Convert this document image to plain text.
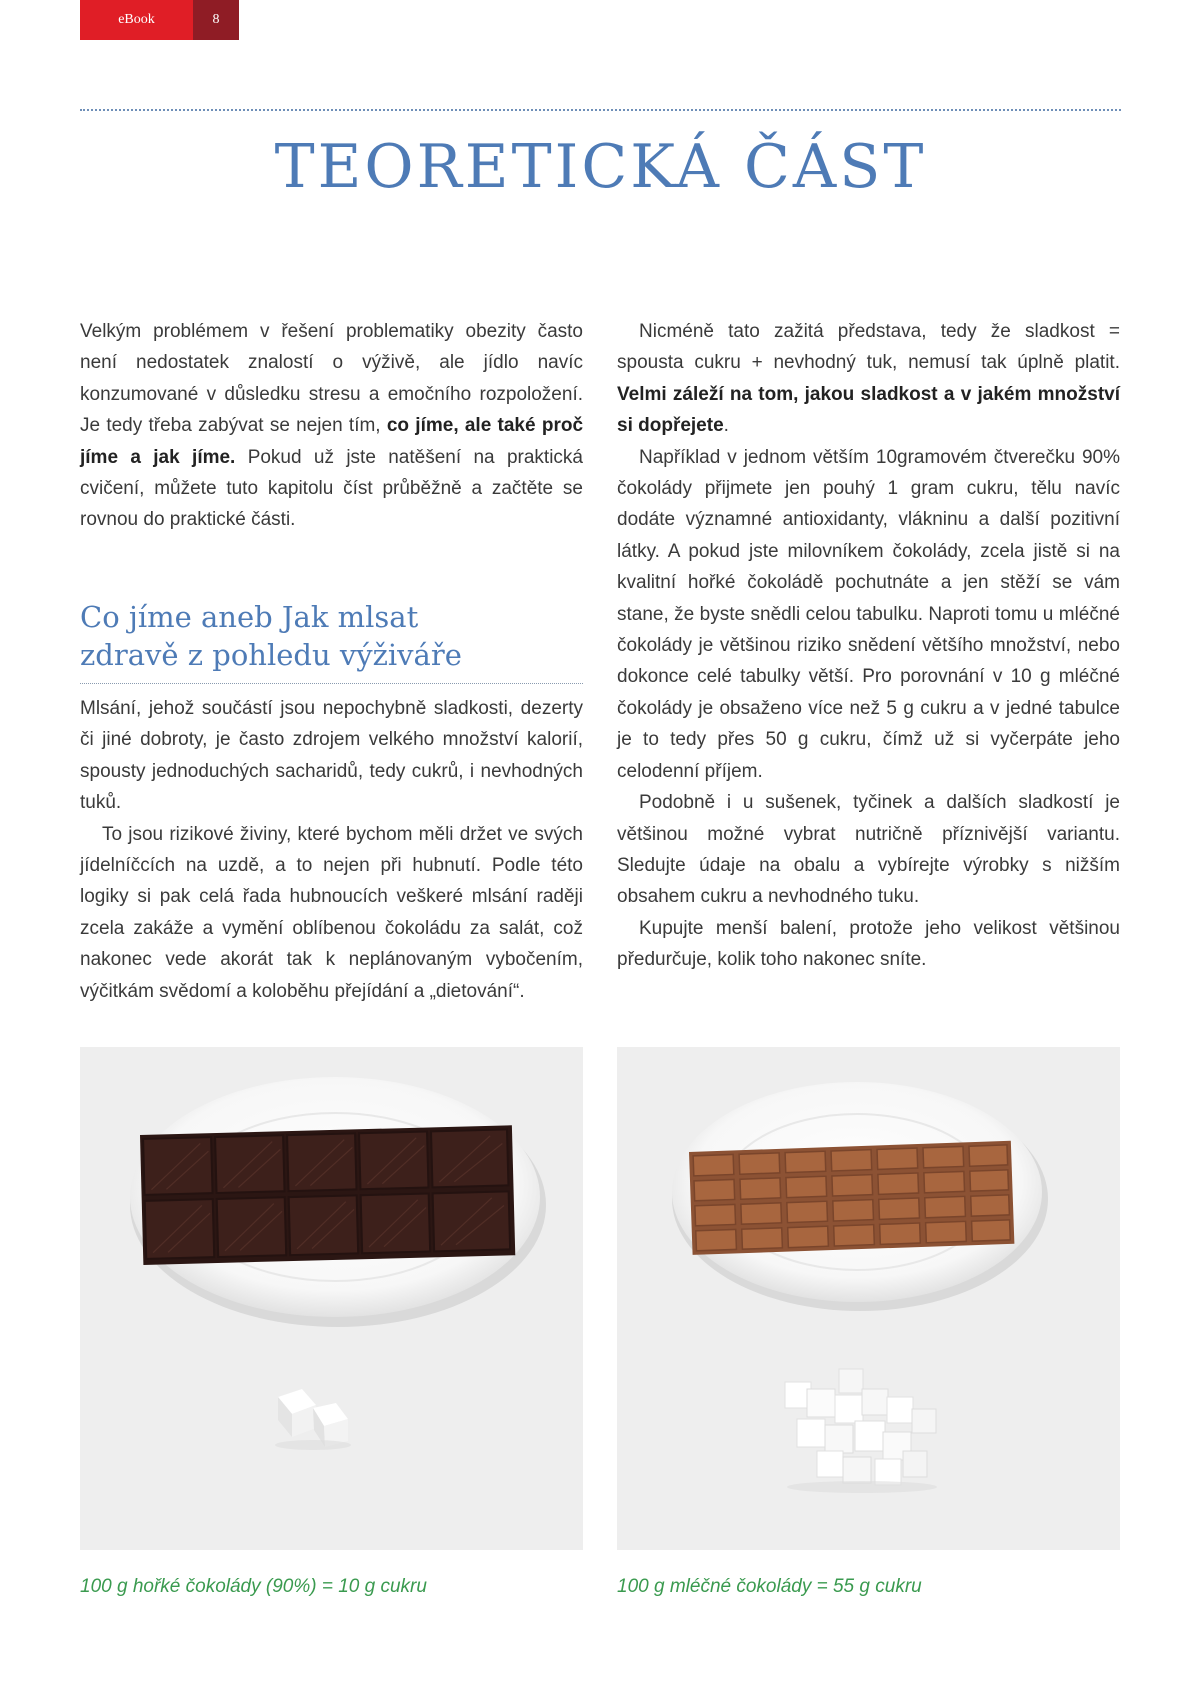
eBook	8
TEORETICKÁ ČÁST

Velkým problémem v řešení problematiky obezity často není nedostatek znalostí o výživě, ale jídlo navíc konzumované v důsledku stresu a emočního rozpoložení. Je tedy třeba zabývat se nejen tím, co jíme, ale také proč jíme a jak jíme. Pokud už jste natěšení na praktická cvičení, můžete tuto kapitolu číst průběžně a začtěte se rovnou do praktické části.

Co jíme aneb Jak mlsat
zdravě z pohledu výživáře

Mlsání, jehož součástí jsou nepochybně sladkosti, dezerty či jiné dobroty, je často zdrojem velkého množství kalorií, spousty jednoduchých sacharidů, tedy cukrů, i nevhodných tuků.

To jsou rizikové živiny, které bychom měli držet ve svých jídelníčcích na uzdě, a to nejen při hubnutí. Podle této logiky si pak celá řada hubnoucích veškeré mlsání raději zcela zakáže a vymění oblíbenou čokoládu za salát, což nakonec vede akorát tak k neplánovaným vybočením, výčitkám svědomí a koloběhu přejídání a „dietování“.

Nicméně tato zažitá představa, tedy že sladkost = spousta cukru + nevhodný tuk, nemusí tak úplně platit. Velmi záleží na tom, jakou sladkost a v jakém množství si dopřejete.

Například v jednom větším 10gramovém čtverečku 90% čokolády přijmete jen pouhý 1 gram cukru, tělu navíc dodáte významné antioxidanty, vlákninu a další pozitivní látky. A pokud jste milovníkem čokolády, zcela jistě si na kvalitní hořké čokoládě pochutnáte a jen stěží se vám stane, že byste snědli celou tabulku. Naproti tomu u mléčné čokolády je většinou riziko snědení většího množství, nebo dokonce celé tabulky větší. Pro porovnání v 10 g mléčné čokolády je obsaženo více než 5 g cukru a v jedné tabulce je to tedy přes 50 g cukru, čímž už si vyčerpáte jeho celodenní příjem.

Podobně i u sušenek, tyčinek a dalších sladkostí je většinou možné vybrat nutričně příznivější variantu. Sledujte údaje na obalu a vybírejte výrobky s nižším obsahem cukru a nevhodného tuku.

Kupujte menší balení, protože jeho velikost většinou předurčuje, kolik toho nakonec sníte.

100 g hořké čokolády (90%) = 10 g cukru	100 g mléčné čokolády = 55 g cukru
